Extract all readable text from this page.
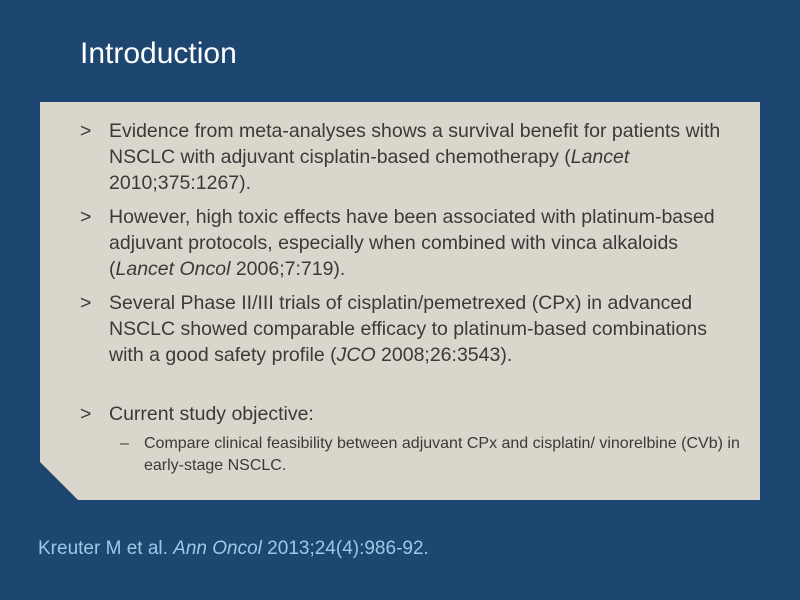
Introduction
> Evidence from meta-analyses shows a survival benefit for patients with NSCLC with adjuvant cisplatin-based chemotherapy (Lancet 2010;375:1267).
> However, high toxic effects have been associated with platinum-based adjuvant protocols, especially when combined with vinca alkaloids (Lancet Oncol 2006;7:719).
> Several Phase II/III trials of cisplatin/pemetrexed (CPx) in advanced NSCLC showed comparable efficacy to platinum-based combinations with a good safety profile (JCO 2008;26:3543).
> Current study objective:
– Compare clinical feasibility between adjuvant CPx and cisplatin/ vinorelbine (CVb) in early-stage NSCLC.
Kreuter M et al. Ann Oncol 2013;24(4):986-92.
